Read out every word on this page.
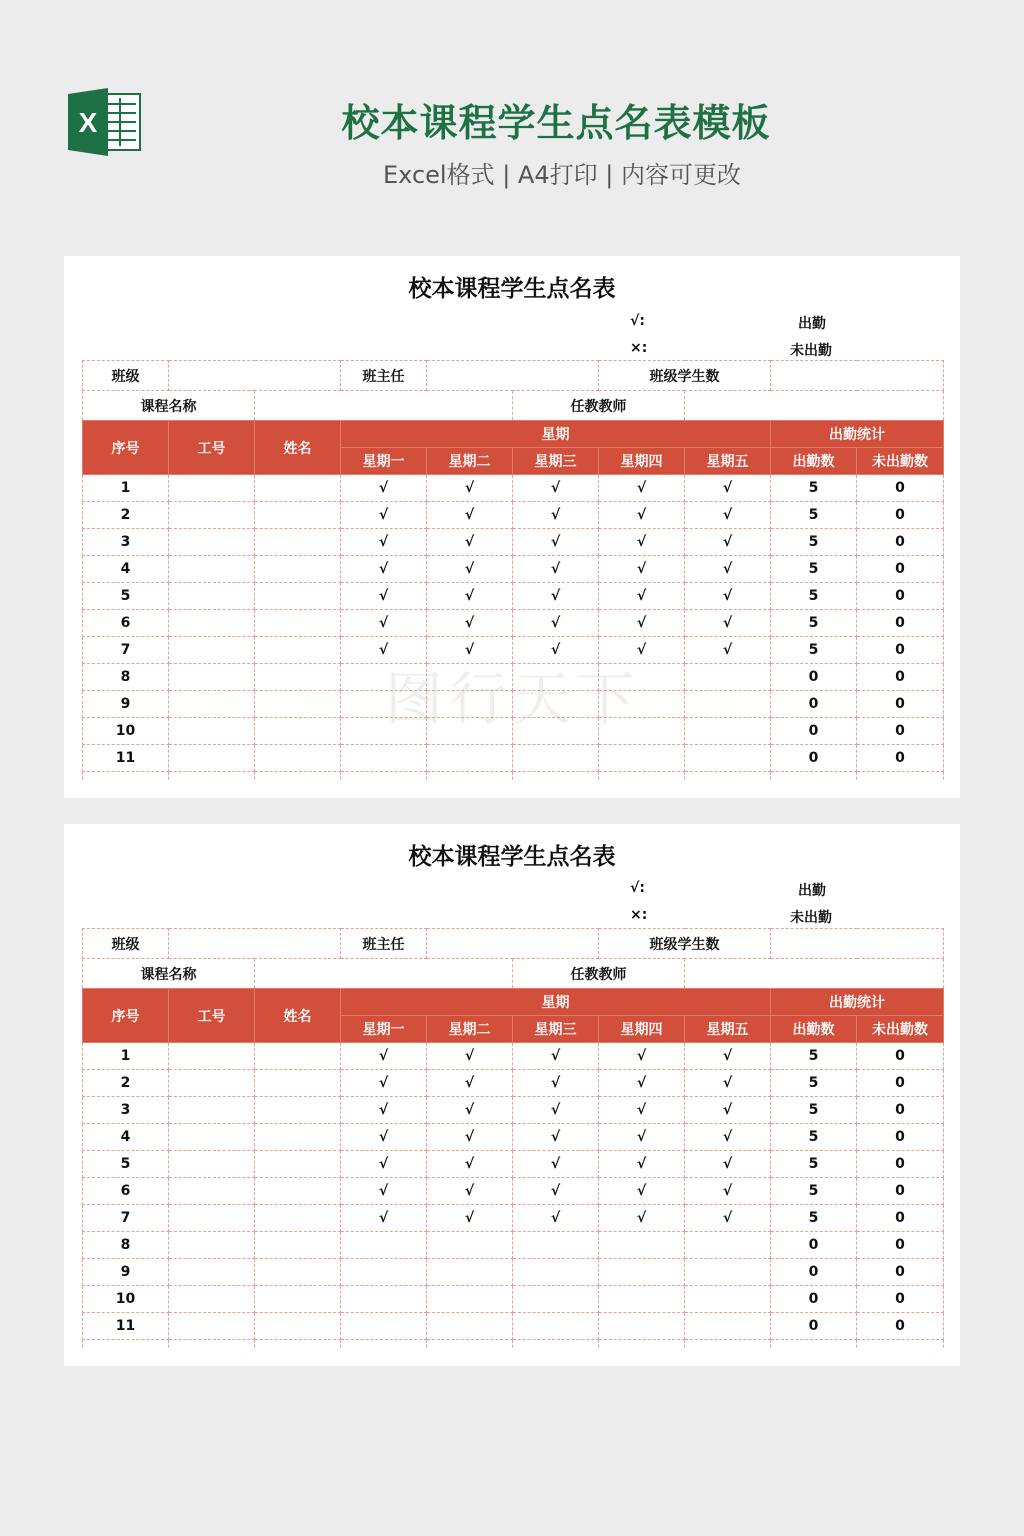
X	校本课程学生点名表模板
Excel格式 | A4打印 | 内容可更改
校本课程学生点名表
√:	出勤
×:	未出勤
班级			班主任			班级学生数			
课程名称					任教教师				
序号	工号	姓名	星期					出勤统计	
			星期一	星期二	星期三	星期四	星期五	出勤数	未出勤数
1			√	√	√	√	√	5	0
2			√	√	√	√	√	5	0
3			√	√	√	√	√	5	0
4			√	√	√	√	√	5	0
5			√	√	√	√	√	5	0
6			√	√	√	√	√	5	0
7			√	√	√	√	√	5	0
8								0	0
9								0	0
10								0	0
11								0	0

校本课程学生点名表
√:	出勤
×:	未出勤
班级			班主任			班级学生数			
课程名称					任教教师				
序号	工号	姓名	星期					出勤统计	
			星期一	星期二	星期三	星期四	星期五	出勤数	未出勤数
1			√	√	√	√	√	5	0
2			√	√	√	√	√	5	0
3			√	√	√	√	√	5	0
4			√	√	√	√	√	5	0
5			√	√	√	√	√	5	0
6			√	√	√	√	√	5	0
7			√	√	√	√	√	5	0
8								0	0
9								0	0
10								0	0
11								0	0
